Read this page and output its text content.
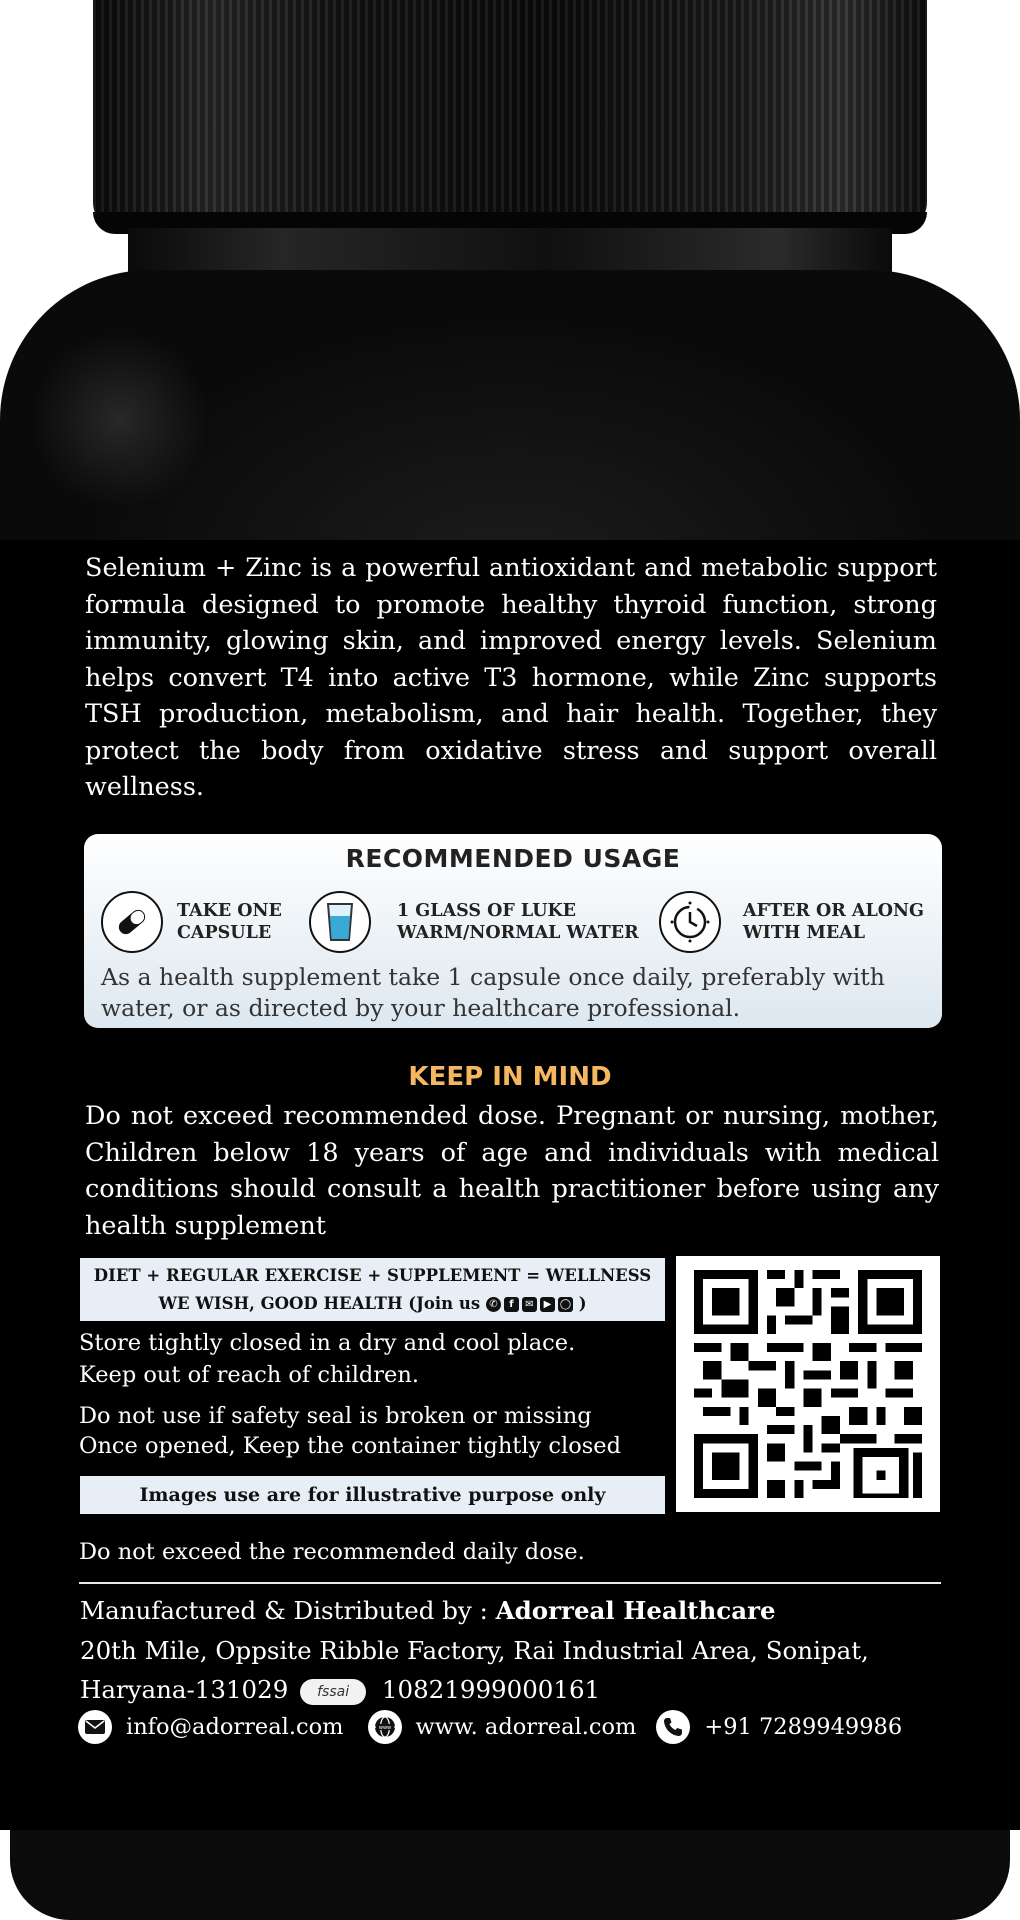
Selenium + Zinc is a powerful antioxidant and metabolic support formula designed to promote healthy thyroid function, strong immunity, glowing skin, and improved energy levels. Selenium helps convert T4 into active T3 hormone, while Zinc supports TSH production, metabolism, and hair health. Together, they protect the body from oxidative stress and support overall wellness.

RECOMMENDED USAGE
TAKE ONE
CAPSULE
1 GLASS OF LUKE
WARM/NORMAL WATER
AFTER OR ALONG
WITH MEAL
As a health supplement take 1 capsule once daily, preferably with water, or as directed by your healthcare professional.
KEEP IN MIND

Do not exceed recommended dose. Pregnant or nursing, mother, Children below 18 years of age and individuals with medical conditions should consult a health practitioner before using any health supplement

DIET + REGULAR EXERCISE + SUPPLEMENT = WELLNESS
WE WISH, GOOD HEALTH (Join us ✆	f	✉ ▶ ◯ )
Store tightly closed in a dry and cool place.
Keep out of reach of children.
Do not use if safety seal is broken or missing
Once opened, Keep the container tightly closed
Images use are for illustrative purpose only
Do not exceed the recommended daily dose.
Manufactured & Distributed by : Adorreal Healthcare
20th Mile, Oppsite Ribble Factory, Rai Industrial Area, Sonipat,
Haryana-131029 fssai 10821999000161
info@adorreal.com	www www. adorreal.com	+91 7289949986
